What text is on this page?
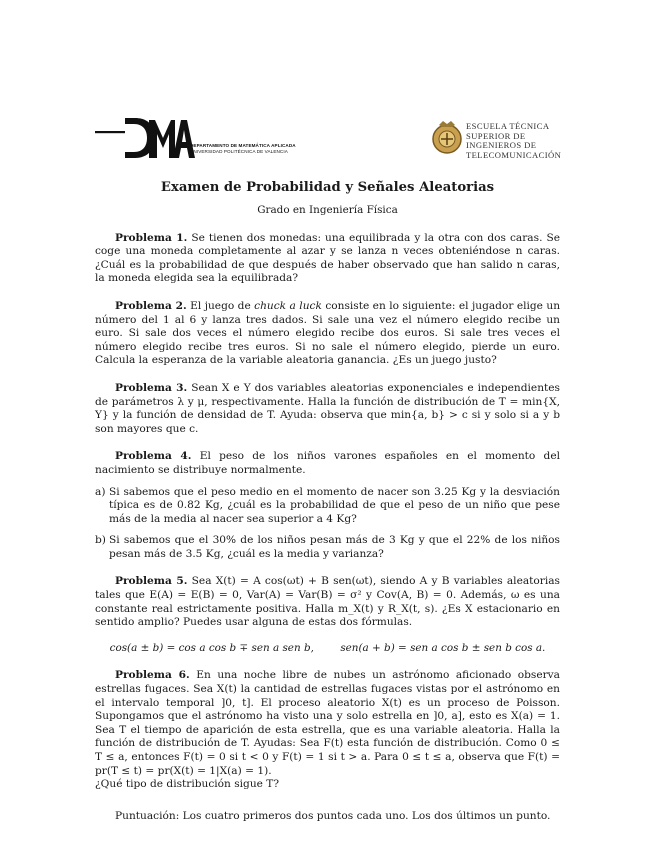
DEPARTAMENTO DE MATEMÁTICA APLICADA
UNIVERSIDAD POLITÉCNICA DE VALENCIA
ESCUELA TÉCNICA
SUPERIOR DE
INGENIEROS DE
TELECOMUNICACIÓN

Examen de Probabilidad y Señales Aleatorias

Grado en Ingeniería Física

Problema 1. Se tienen dos monedas: una equilibrada y la otra con dos caras. Se coge una moneda completamente al azar y se lanza n veces obteniéndose n caras. ¿Cuál es la probabilidad de que después de haber observado que han salido n caras, la moneda elegida sea la equilibrada?

Problema 2. El juego de chuck a luck consiste en lo siguiente: el jugador elige un número del 1 al 6 y lanza tres dados. Si sale una vez el número elegido recibe un euro. Si sale dos veces el número elegido recibe dos euros. Si sale tres veces el número elegido recibe tres euros. Si no sale el número elegido, pierde un euro. Calcula la esperanza de la variable aleatoria ganancia. ¿Es un juego justo?

Problema 3. Sean X e Y dos variables aleatorias exponenciales e independientes de parámetros λ y μ, respectivamente. Halla la función de distribución de T = min{X, Y} y la función de densidad de T. Ayuda: observa que min{a, b} > c si y solo si a y b son mayores que c.

Problema 4. El peso de los niños varones españoles en el momento del nacimiento se distribuye normalmente.

a) Si sabemos que el peso medio en el momento de nacer son 3.25 Kg y la desviación típica es de 0.82 Kg, ¿cuál es la probabilidad de que el peso de un niño que pese más de la media al nacer sea superior a 4 Kg?
b) Si sabemos que el 30% de los niños pesan más de 3 Kg y que el 22% de los niños pesan más de 3.5 Kg, ¿cuál es la media y varianza?

Problema 5. Sea X(t) = A cos(ωt) + B sen(ωt), siendo A y B variables aleatorias tales que E(A) = E(B) = 0, Var(A) = Var(B) = σ² y Cov(A, B) = 0. Además, ω es una constante real estrictamente positiva. Halla m_X(t) y R_X(t, s). ¿Es X estacionario en sentido amplio? Puedes usar alguna de estas dos fórmulas.

cos(a ± b) = cos a cos b ∓ sen a sen b,        sen(a + b) = sen a cos b ± sen b cos a.

Problema 6. En una noche libre de nubes un astrónomo aficionado observa estrellas fugaces. Sea X(t) la cantidad de estrellas fugaces vistas por el astrónomo en el intervalo temporal ]0, t]. El proceso aleatorio X(t) es un proceso de Poisson. Supongamos que el astrónomo ha visto una y solo estrella en ]0, a], esto es X(a) = 1. Sea T el tiempo de aparición de esta estrella, que es una variable aleatoria. Halla la función de distribución de T. Ayudas: Sea F(t) esta función de distribución. Como 0 ≤ T ≤ a, entonces F(t) = 0 si t < 0 y F(t) = 1 si t > a. Para 0 ≤ t ≤ a, observa que F(t) = pr(T ≤ t) = pr(X(t) = 1|X(a) = 1).

¿Qué tipo de distribución sigue T?

Puntuación: Los cuatro primeros dos puntos cada uno. Los dos últimos un punto.
